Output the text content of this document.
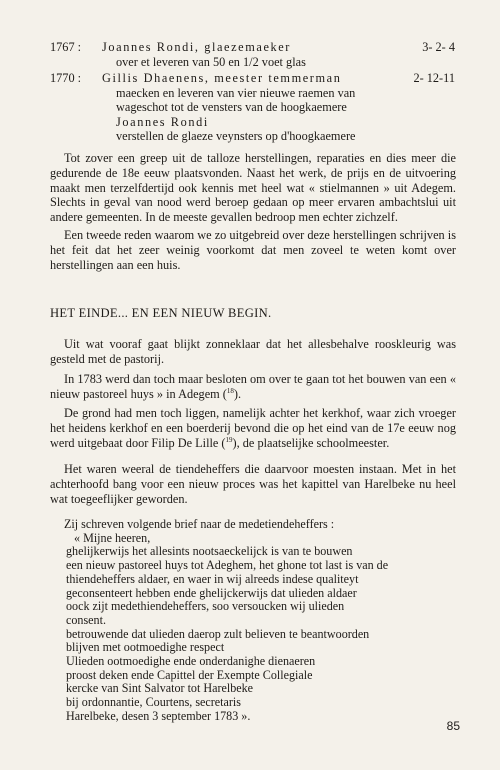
1767 : Joannes Rondi, glaezemaeker
over et leveren van 50 en 1/2 voet glas
3- 2- 4
1770 : Gillis Dhaenens, meester temmerman
maecken en leveren van vier nieuwe raemen van
wageschot tot de vensters van de hoogkaemere
Joannes Rondi
verstellen de glaeze veynsters op d'hoogkaemere
2- 12-11

Tot zover een greep uit de talloze herstellingen, reparaties en dies meer die gedurende de 18e eeuw plaatsvonden. Naast het werk, de prijs en de uitvoering maakt men terzelfdertijd ook kennis met heel wat « stielmannen » uit Adegem. Slechts in geval van nood werd beroep gedaan op meer ervaren ambachtslui uit andere gemeenten. In de meeste gevallen bedroop men echter zichzelf.

Een tweede reden waarom we zo uitgebreid over deze herstellingen schrijven is het feit dat het zeer weinig voorkomt dat men zoveel te weten komt over herstellingen aan een huis.

HET EINDE... EN EEN NIEUW BEGIN.

Uit wat vooraf gaat blijkt zonneklaar dat het allesbehalve rooskleurig was gesteld met de pastorij.

In 1783 werd dan toch maar besloten om over te gaan tot het bouwen van een « nieuw pastoreel huys » in Adegem ($^{18}$).

De grond had men toch liggen, namelijk achter het kerkhof, waar zich vroeger het heidens kerkhof en een boerderij bevond die op het eind van de 17e eeuw nog werd uitgebaat door Filip De Lille ($^{19}$), de plaatselijke schoolmeester.

Het waren weeral de tiendeheffers die daarvoor moesten instaan. Met in het achterhoofd bang voor een nieuw proces was het kapittel van Harelbeke nu heel wat toegeeflijker geworden.

Zij schreven volgende brief naar de medetiendeheffers :
« Mijne heeren,
ghelijkerwijs het allesints nootsaeckelijck is van te bouwen
een nieuw pastoreel huys tot Adeghem, het ghone tot last is van de
thiendeheffers aldaer, en waer in wij alreeds indese qualiteyt
geconsenteert hebben ende ghelijckerwijs dat ulieden aldaer
oock zijt medethiendeheffers, soo versoucken wij ulieden
consent.
betrouwende dat ulieden daerop zult believen te beantwoorden
blijven met ootmoedighe respect
Ulieden ootmoedighe ende onderdanighe dienaeren
proost deken ende Capittel der Exempte Collegiale
kercke van Sint Salvator tot Harelbeke
bij ordonnantie, Courtens, secretaris
Harelbeke, desen 3 september 1783 ».
85
